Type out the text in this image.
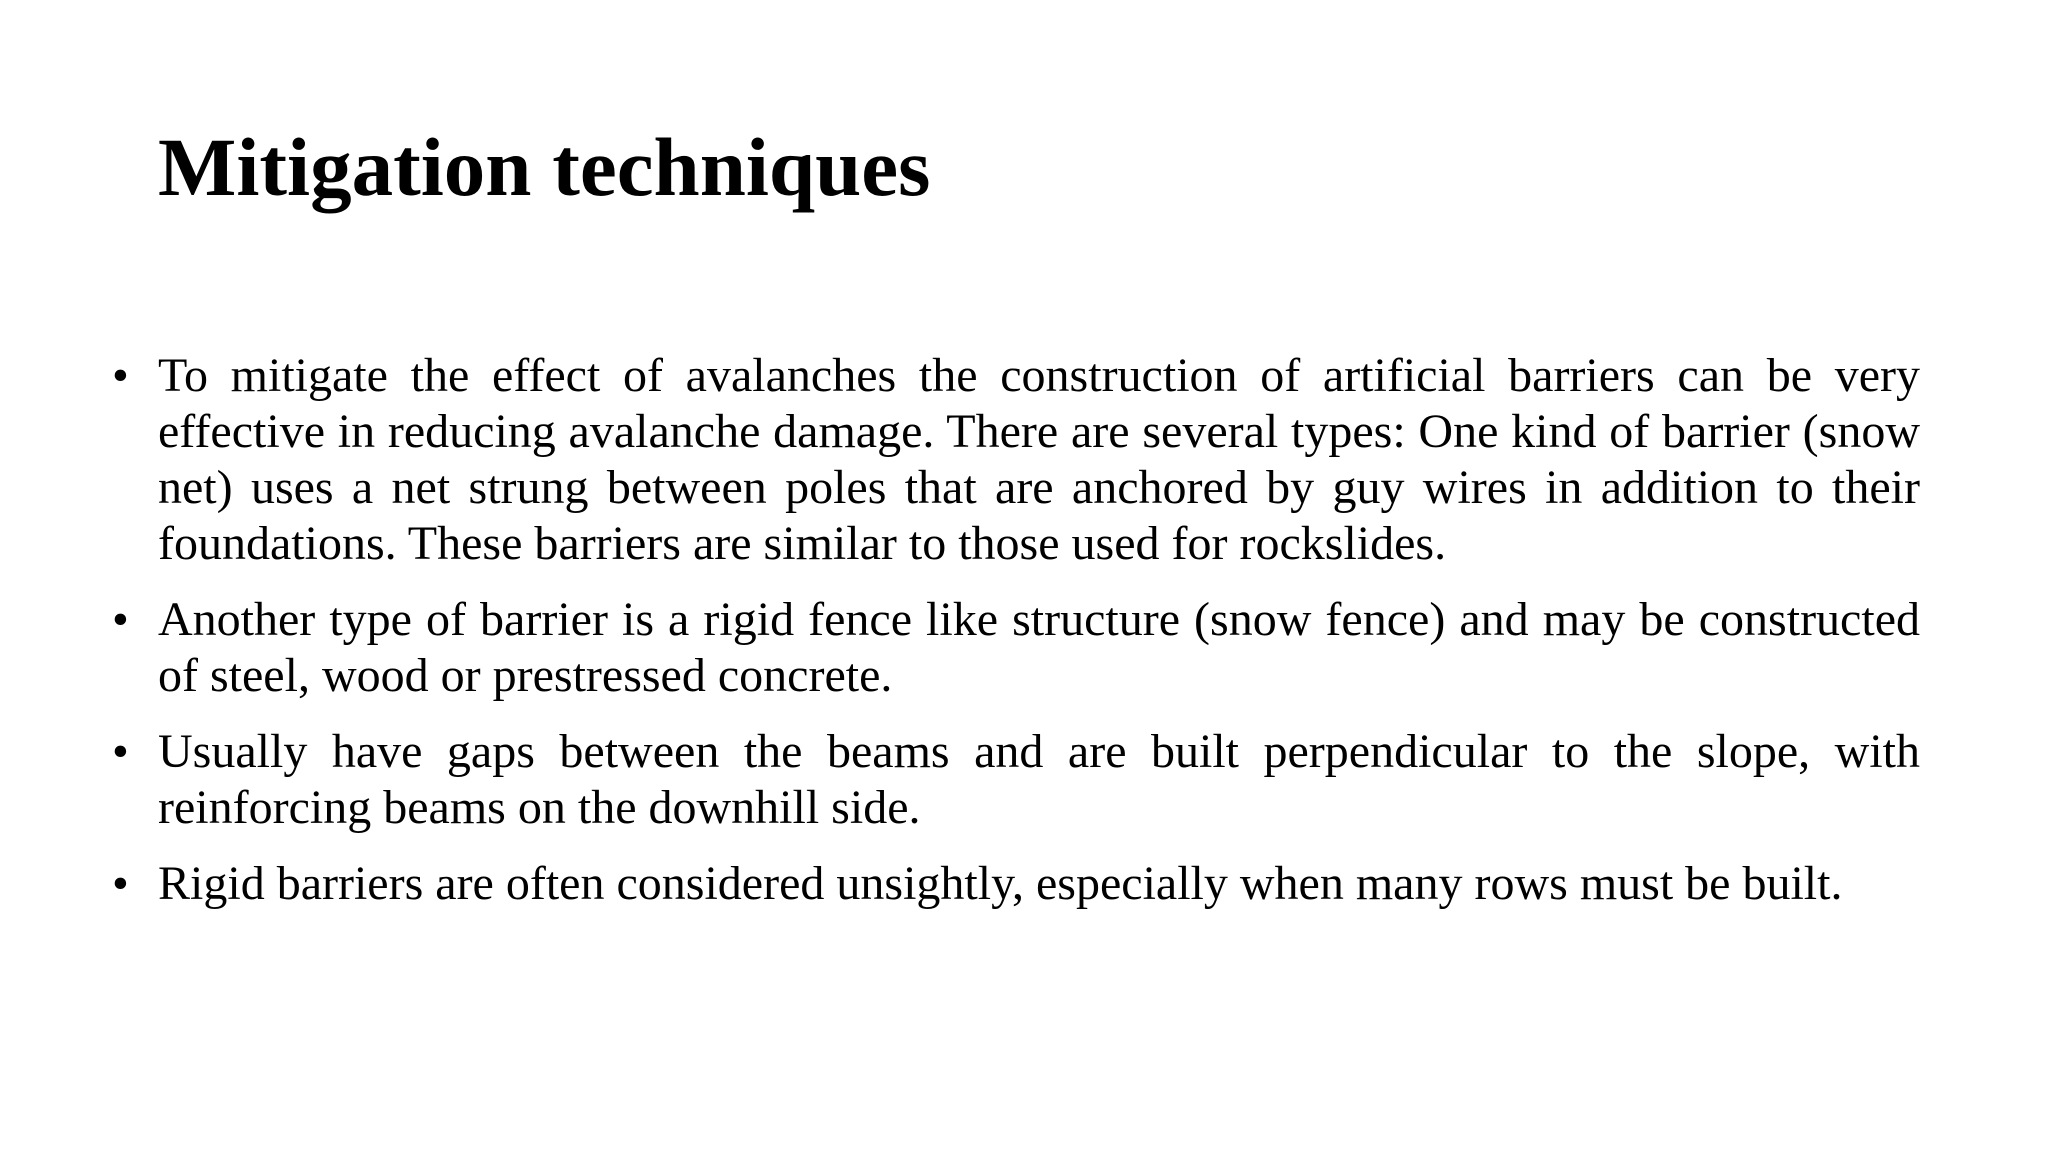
Mitigation techniques
• To mitigate the effect of avalanches the construction of artificial barriers can be very effective in reducing avalanche damage. There are several types: One kind of barrier (snow net) uses a net strung between poles that are anchored by guy wires in addition to their foundations. These barriers are similar to those used for rockslides.
• Another type of barrier is a rigid fence like structure (snow fence) and may be constructed of steel, wood or prestressed concrete.
• Usually have gaps between the beams and are built perpendicular to the slope, with reinforcing beams on the downhill side.
• Rigid barriers are often considered unsightly, especially when many rows must be built.
